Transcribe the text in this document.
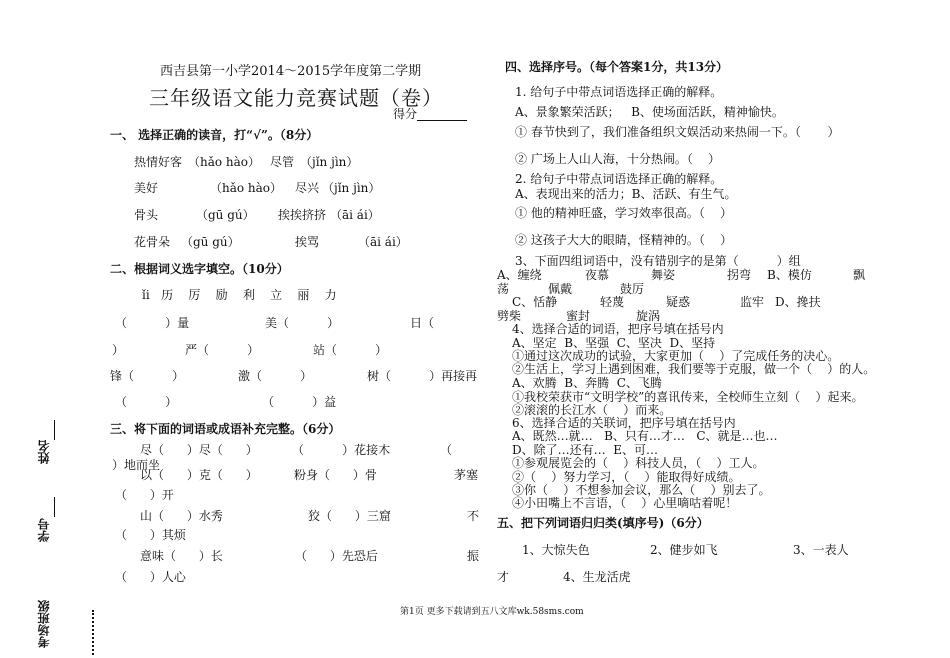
西吉县第一小学2014～2015学年度第二学期
三年级语文能力竞赛试题（卷）
得分
姓名
学号
考场班级
一、 选择正确的读音，打“√”。（8分）
热情好客 （hǎo hào） 尽管 （jǐn jìn）
美好	（hǎo hào） 尽兴 （jǐn jìn）
骨头	（gū gú） 挨挨挤挤 （āi ái）
花骨朵 （gū gú）	挨骂	（āi ái）
二、根据词义选字填空。（10分）
ǐi   历    厉    励    利    立    丽    力
（          ）量	美（          ）	日（
）	严（          ）	站（          ）
锋（          ）	激（          ）	树（          ）再接再
（          ）	（          ）益
三、将下面的词语或成语补充完整。（6分）
尽（      ）尽（      ）	（          ）花接木	（
）地而坐
以（      ）克（      ）	粉身（      ）骨	茅塞
（      ）开
山（      ）水秀	狡（      ）三窟	不
（      ）其烦
意味（      ）长	（      ）先恐后	振
（      ）人心
四、选择序号。（每个答案1分，共13分）
1. 给句子中带点词语选择正确的解释。
A、景象繁荣活跃；   B、使场面活跃，精神愉快。
① 春节快到了，我们准备组织文娱活动来热闹一下。（       ）
② 广场上人山人海，十分热闹。（    ）
2. 给句子中带点词语选择正确的解释。
A、表现出来的活力；B、活跃、有生气。
① 他的精神旺盛，学习效率很高。（    ）
② 这孩子大大的眼睛，怪精神的。（    ）
3、下面四组词语中，没有错别字的是第（          ）组
A、缠绕	夜慕	舞姿	拐弯 B、模仿	飘
荡	佩戴	鼓厉
C、恬静	轻蔑	疑惑	监牢 D、搀扶
劈柴	蜜封	旋涡
4、选择合适的词语，把序号填在括号内
A、坚定  B、坚强  C、坚决  D、坚持
①通过这次成功的试验，大家更加（    ）了完成任务的决心。
②生活上，学习上遇到困难，我们要等于克服，做一个（    ）的人。
A、欢腾  B、奔腾  C、飞腾
①我校荣获市“文明学校”的喜讯传来，全校师生立刻（    ）起来。
②滚滚的长江水（    ）而来。
6、选择合适的关联词，把序号填在括号内
A、既然…就…   B、只有…才…   C、就是…也…
D、除了…还有…  E、可…
①参观展览会的（    ）科技人员，（    ）工人。
②（    ）努力学习，（    ）能取得好成绩。
③你（    ）不想参加会议，那么（    ）别去了。
④小田嘴上不言语，（    ）心里嘀咕着呢！
五、把下列词语归归类(填序号)（6分）
1、大惊失色	2、健步如飞	3、一表人
才	4、生龙活虎
第1页 更多下载请到五八文库wk.58sms.com
